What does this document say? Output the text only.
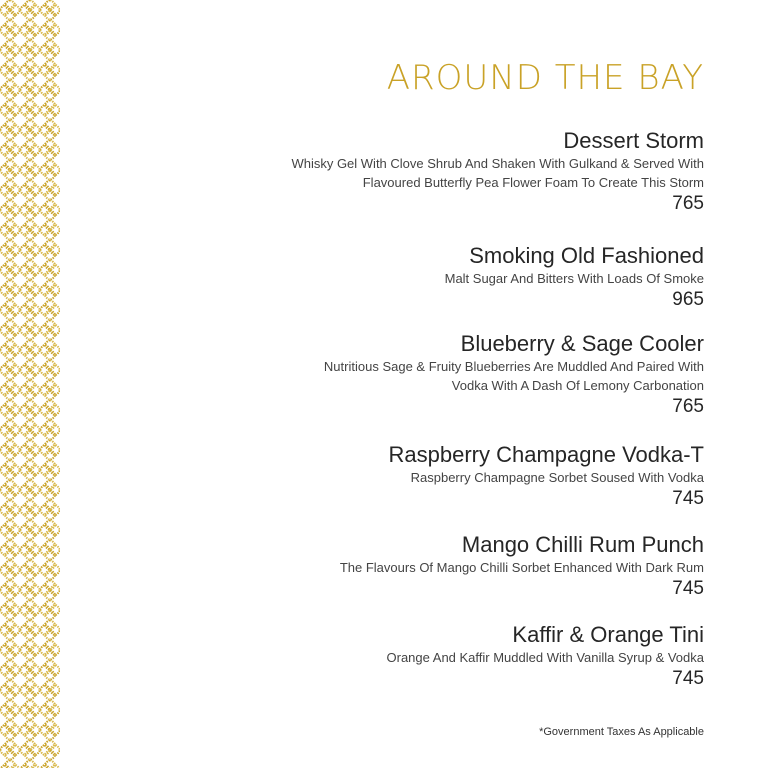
AROUND THE BAY
Dessert Storm
Whisky Gel With Clove Shrub And Shaken With Gulkand & Served With
Flavoured Butterfly Pea Flower Foam To Create This Storm
765
Smoking Old Fashioned
Malt Sugar And Bitters With Loads Of Smoke
965
Blueberry & Sage Cooler
Nutritious Sage & Fruity Blueberries Are Muddled And Paired With
Vodka With A Dash Of Lemony Carbonation
765
Raspberry Champagne Vodka-T
Raspberry Champagne Sorbet Soused With Vodka
745
Mango Chilli Rum Punch
The Flavours Of Mango Chilli Sorbet Enhanced With Dark Rum
745
Kaffir & Orange Tini
Orange And Kaffir Muddled With Vanilla Syrup & Vodka
745
*Government Taxes As Applicable
